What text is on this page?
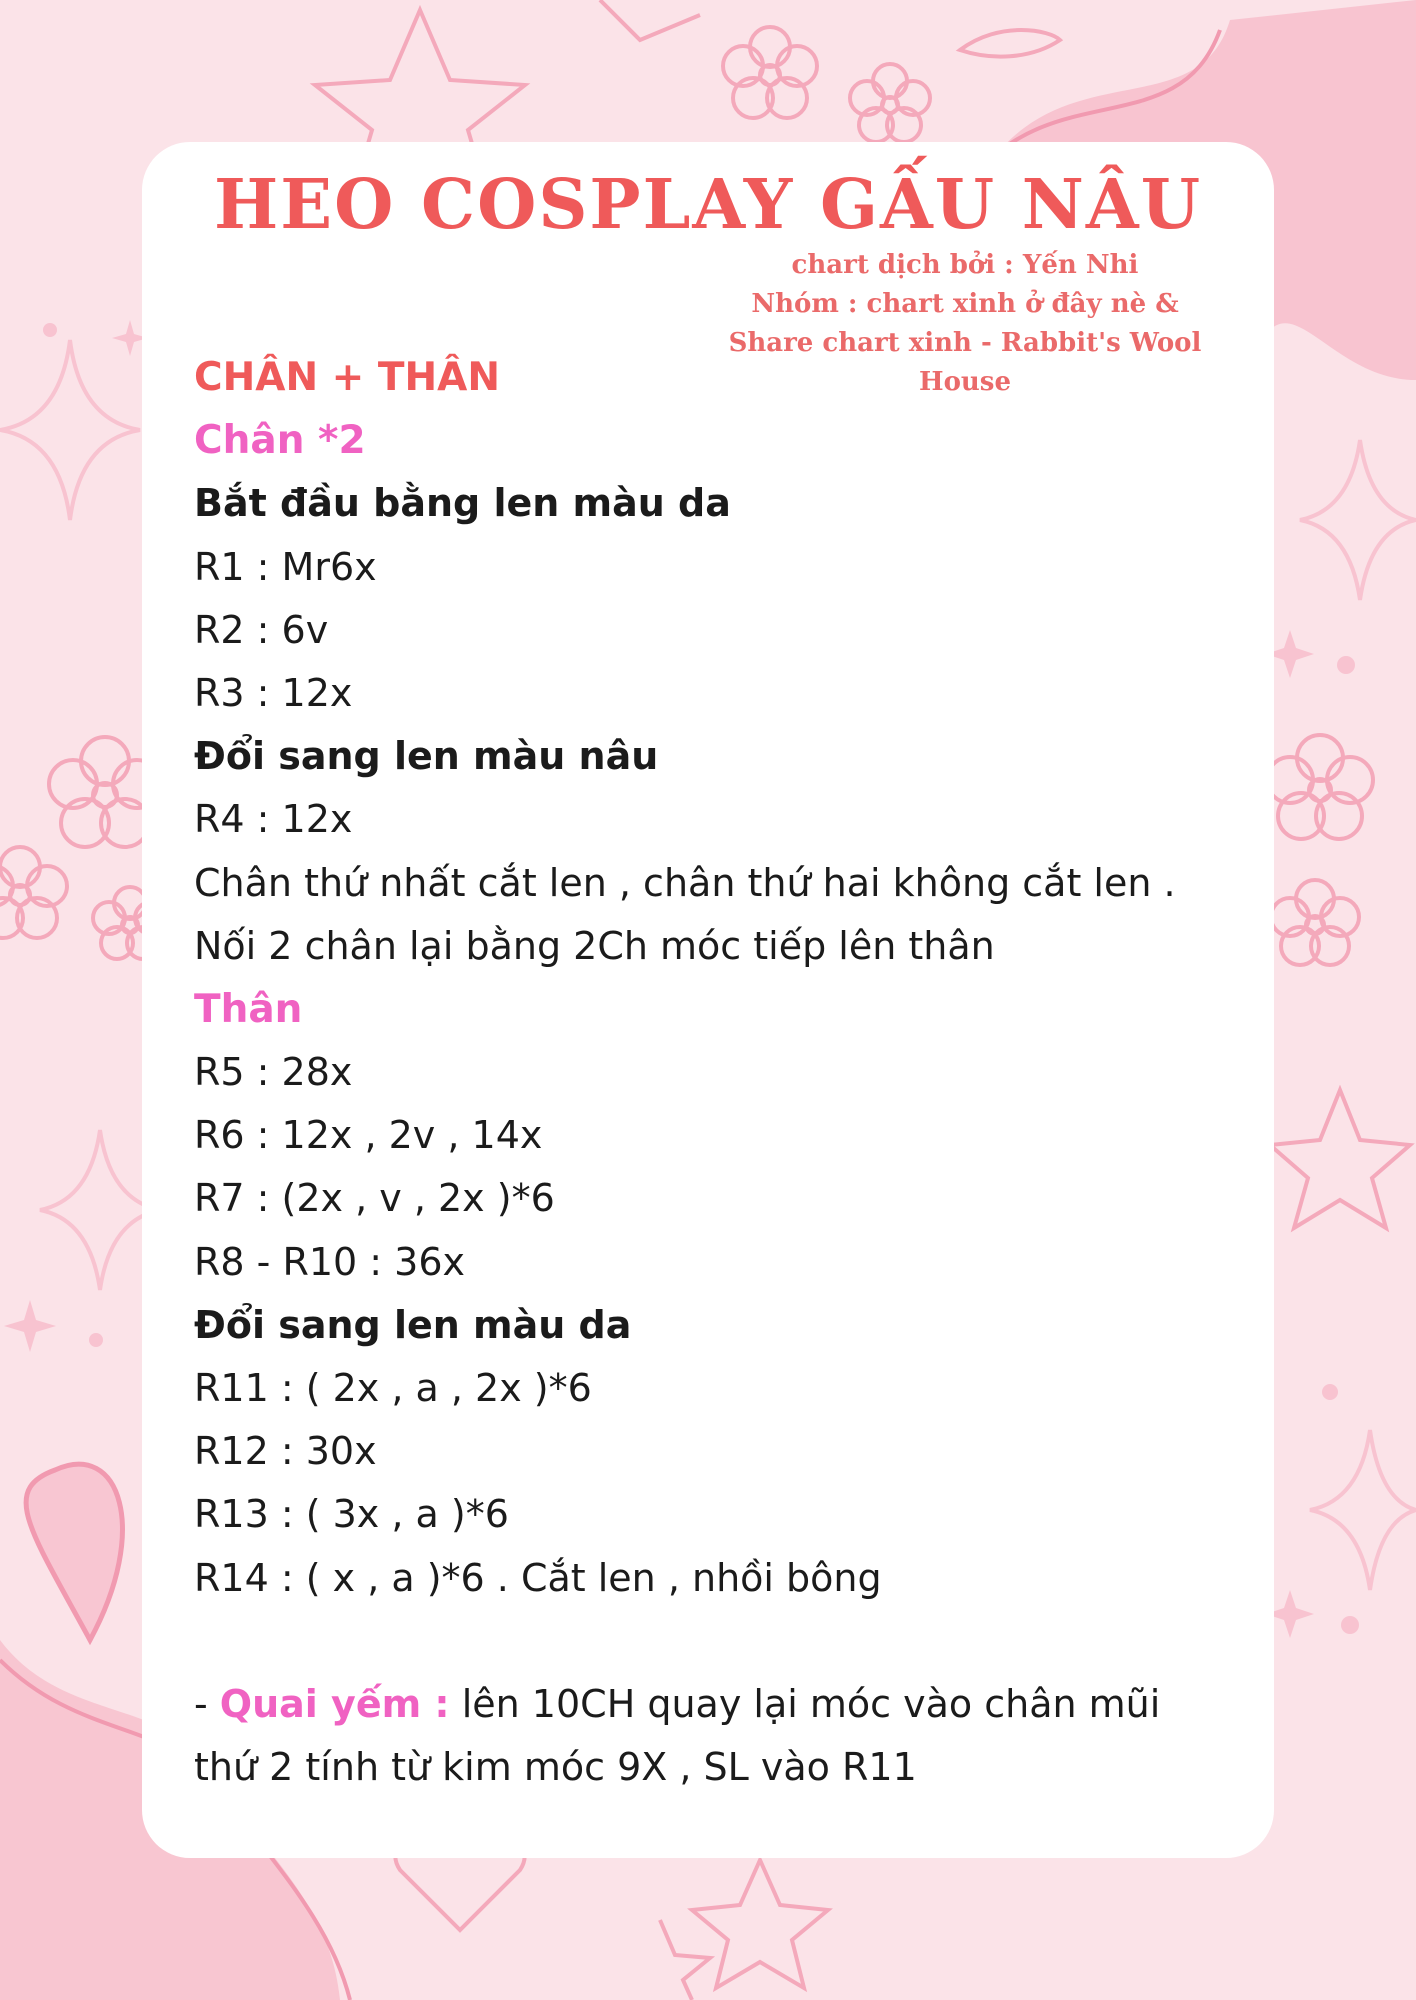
HEO COSPLAY GẤU NÂU
chart dịch bởi : Yến Nhi
Nhóm : chart xinh ở đây nè &
Share chart xinh - Rabbit's Wool
House
CHÂN + THÂN
Chân *2
Bắt đầu bằng len màu da
R1 : Mr6x
R2 : 6v
R3 : 12x
Đổi sang len màu nâu
R4 : 12x
Chân thứ nhất cắt len , chân thứ hai không cắt len .
Nối 2 chân lại bằng 2Ch móc tiếp lên thân
Thân
R5 : 28x
R6 : 12x , 2v , 14x
R7 : (2x , v , 2x )*6
R8 - R10 : 36x
Đổi sang len màu da
R11 : ( 2x , a , 2x )*6
R12 : 30x
R13 : ( 3x , a )*6
R14 : ( x , a )*6 . Cắt len , nhồi bông
- Quai yếm : lên 10CH quay lại móc vào chân mũi
thứ 2 tính từ kim móc 9X , SL vào R11
